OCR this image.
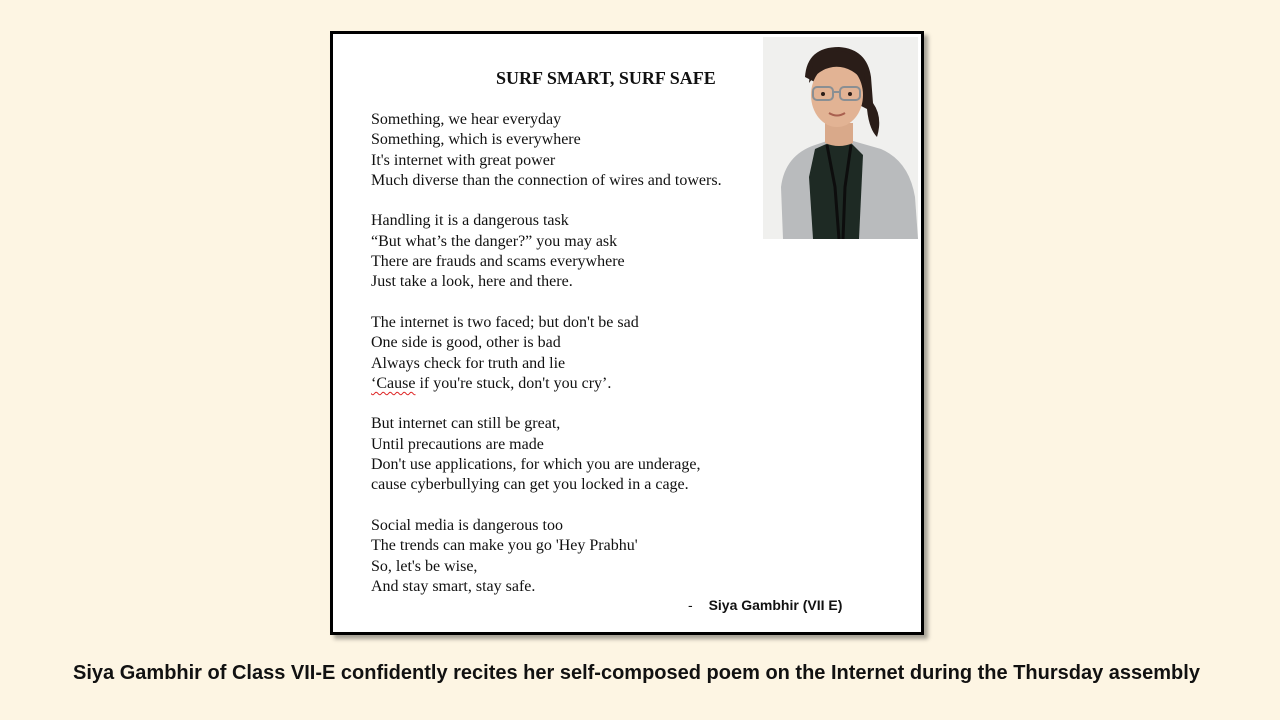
SURF SMART, SURF SAFE
Something, we hear everyday
Something, which is everywhere
It's internet with great power
Much diverse than the connection of wires and towers.
Handling it is a dangerous task
“But what’s the danger?” you may ask
There are frauds and scams everywhere
Just take a look, here and there.
The internet is two faced; but don't be sad
One side is good, other is bad
Always check for truth and lie
‘Cause if you're stuck, don't you cry’.
But internet can still be great,
Until precautions are made
Don't use applications, for which you are underage,
cause cyberbullying can get you locked in a cage.
Social media is dangerous too
The trends can make you go 'Hey Prabhu'
So, let's be wise,
And stay smart, stay safe.
- Siya Gambhir (VII E)
Siya Gambhir of Class VII-E confidently recites her self-composed poem on the Internet during the Thursday assembly
